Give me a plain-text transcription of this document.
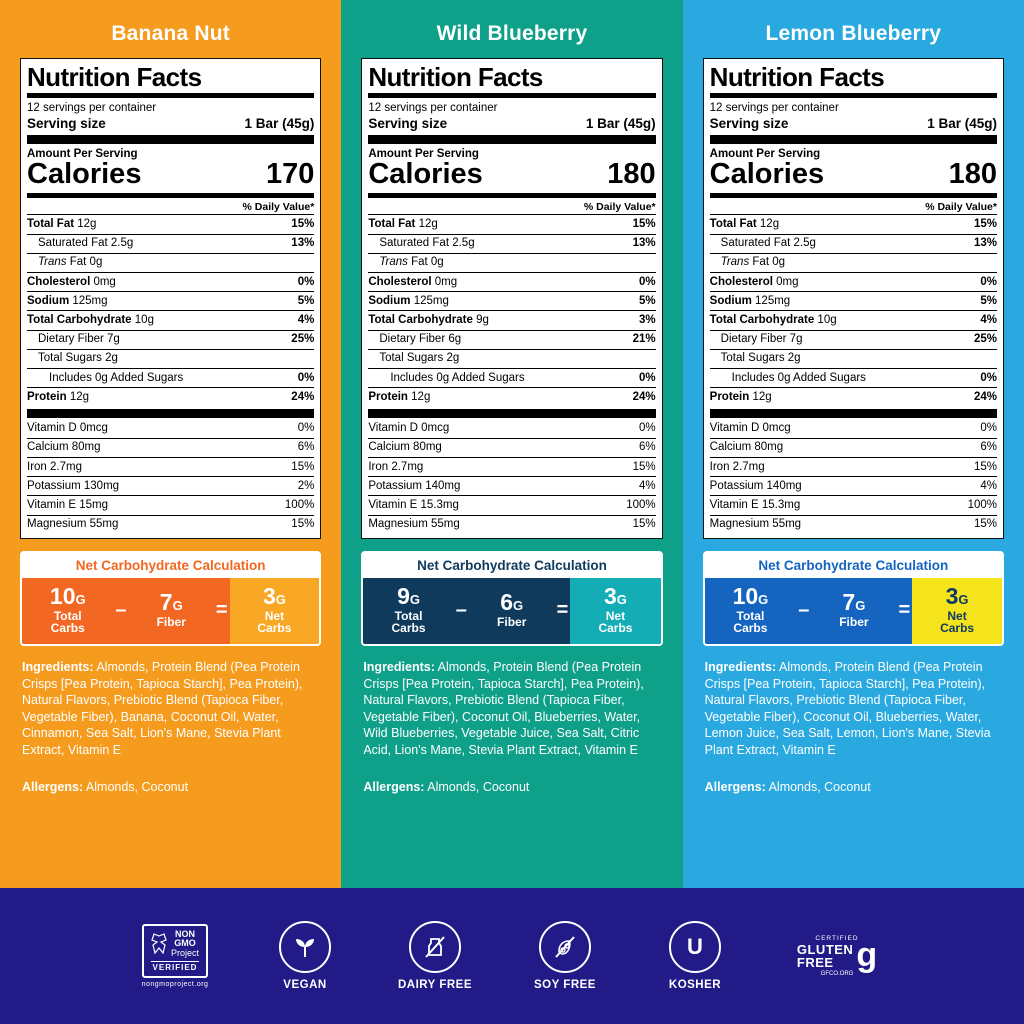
Banana Nut
Nutrition Facts
12 servings per container
Serving size	1 Bar (45g)
Amount Per Serving
Calories	170
% Daily Value*
Total Fat 12g	15%
Saturated Fat 2.5g	13%
Trans Fat 0g
Cholesterol 0mg	0%
Sodium 125mg	5%
Total Carbohydrate 10g	4%
Dietary Fiber 7g	25%
Total Sugars 2g
Includes 0g Added Sugars	0%
Protein 12g	24%
Vitamin D 0mcg	0%
Calcium 80mg	6%
Iron 2.7mg	15%
Potassium 130mg	2%
Vitamin E 15mg	100%
Magnesium 55mg	15%
Net Carbohydrate Calculation
10G
Total
Carbs
– 7G
Fiber
=
3G
Net
Carbs
Ingredients: Almonds, Protein Blend (Pea Protein Crisps [Pea Protein, Tapioca Starch], Pea Protein), Natural Flavors, Prebiotic Blend (Tapioca Fiber, Vegetable Fiber), Banana, Coconut Oil, Water, Cinnamon, Sea Salt, Lion's Mane, Stevia Plant Extract, Vitamin E
Allergens: Almonds, Coconut
Wild Blueberry
Nutrition Facts
12 servings per container
Serving size	1 Bar (45g)
Amount Per Serving
Calories	180
% Daily Value*
Total Fat 12g	15%
Saturated Fat 2.5g	13%
Trans Fat 0g
Cholesterol 0mg	0%
Sodium 125mg	5%
Total Carbohydrate 9g	3%
Dietary Fiber 6g	21%
Total Sugars 2g
Includes 0g Added Sugars	0%
Protein 12g	24%
Vitamin D 0mcg	0%
Calcium 80mg	6%
Iron 2.7mg	15%
Potassium 140mg	4%
Vitamin E 15.3mg	100%
Magnesium 55mg	15%
Net Carbohydrate Calculation
9G
Total
Carbs
– 6G
Fiber
=
3G
Net
Carbs
Ingredients: Almonds, Protein Blend (Pea Protein Crisps [Pea Protein, Tapioca Starch], Pea Protein), Natural Flavors, Prebiotic Blend (Tapioca Fiber, Vegetable Fiber), Coconut Oil, Blueberries, Water, Wild Blueberries, Vegetable Juice, Sea Salt, Citric Acid, Lion's Mane, Stevia Plant Extract, Vitamin E
Allergens: Almonds, Coconut
Lemon Blueberry
Nutrition Facts
12 servings per container
Serving size	1 Bar (45g)
Amount Per Serving
Calories	180
% Daily Value*
Total Fat 12g	15%
Saturated Fat 2.5g	13%
Trans Fat 0g
Cholesterol 0mg	0%
Sodium 125mg	5%
Total Carbohydrate 10g	4%
Dietary Fiber 7g	25%
Total Sugars 2g
Includes 0g Added Sugars	0%
Protein 12g	24%
Vitamin D 0mcg	0%
Calcium 80mg	6%
Iron 2.7mg	15%
Potassium 140mg	4%
Vitamin E 15.3mg	100%
Magnesium 55mg	15%
Net Carbohydrate Calculation
10G
Total
Carbs
– 7G
Fiber
=
3G
Net
Carbs
Ingredients: Almonds, Protein Blend (Pea Protein Crisps [Pea Protein, Tapioca Starch], Pea Protein), Natural Flavors, Prebiotic Blend (Tapioca Fiber, Vegetable Fiber), Coconut Oil, Blueberries, Water, Lemon Juice, Sea Salt, Lemon, Lion's Mane, Stevia Plant Extract, Vitamin E
Allergens: Almonds, Coconut
NON
GMO
Project
VERIFIED
nongmoproject.org	VEGAN	DAIRY FREE	SOY FREE
U
KOSHER
CERTIFIED
GLUTEN
FREE g
GFCO.ORG
